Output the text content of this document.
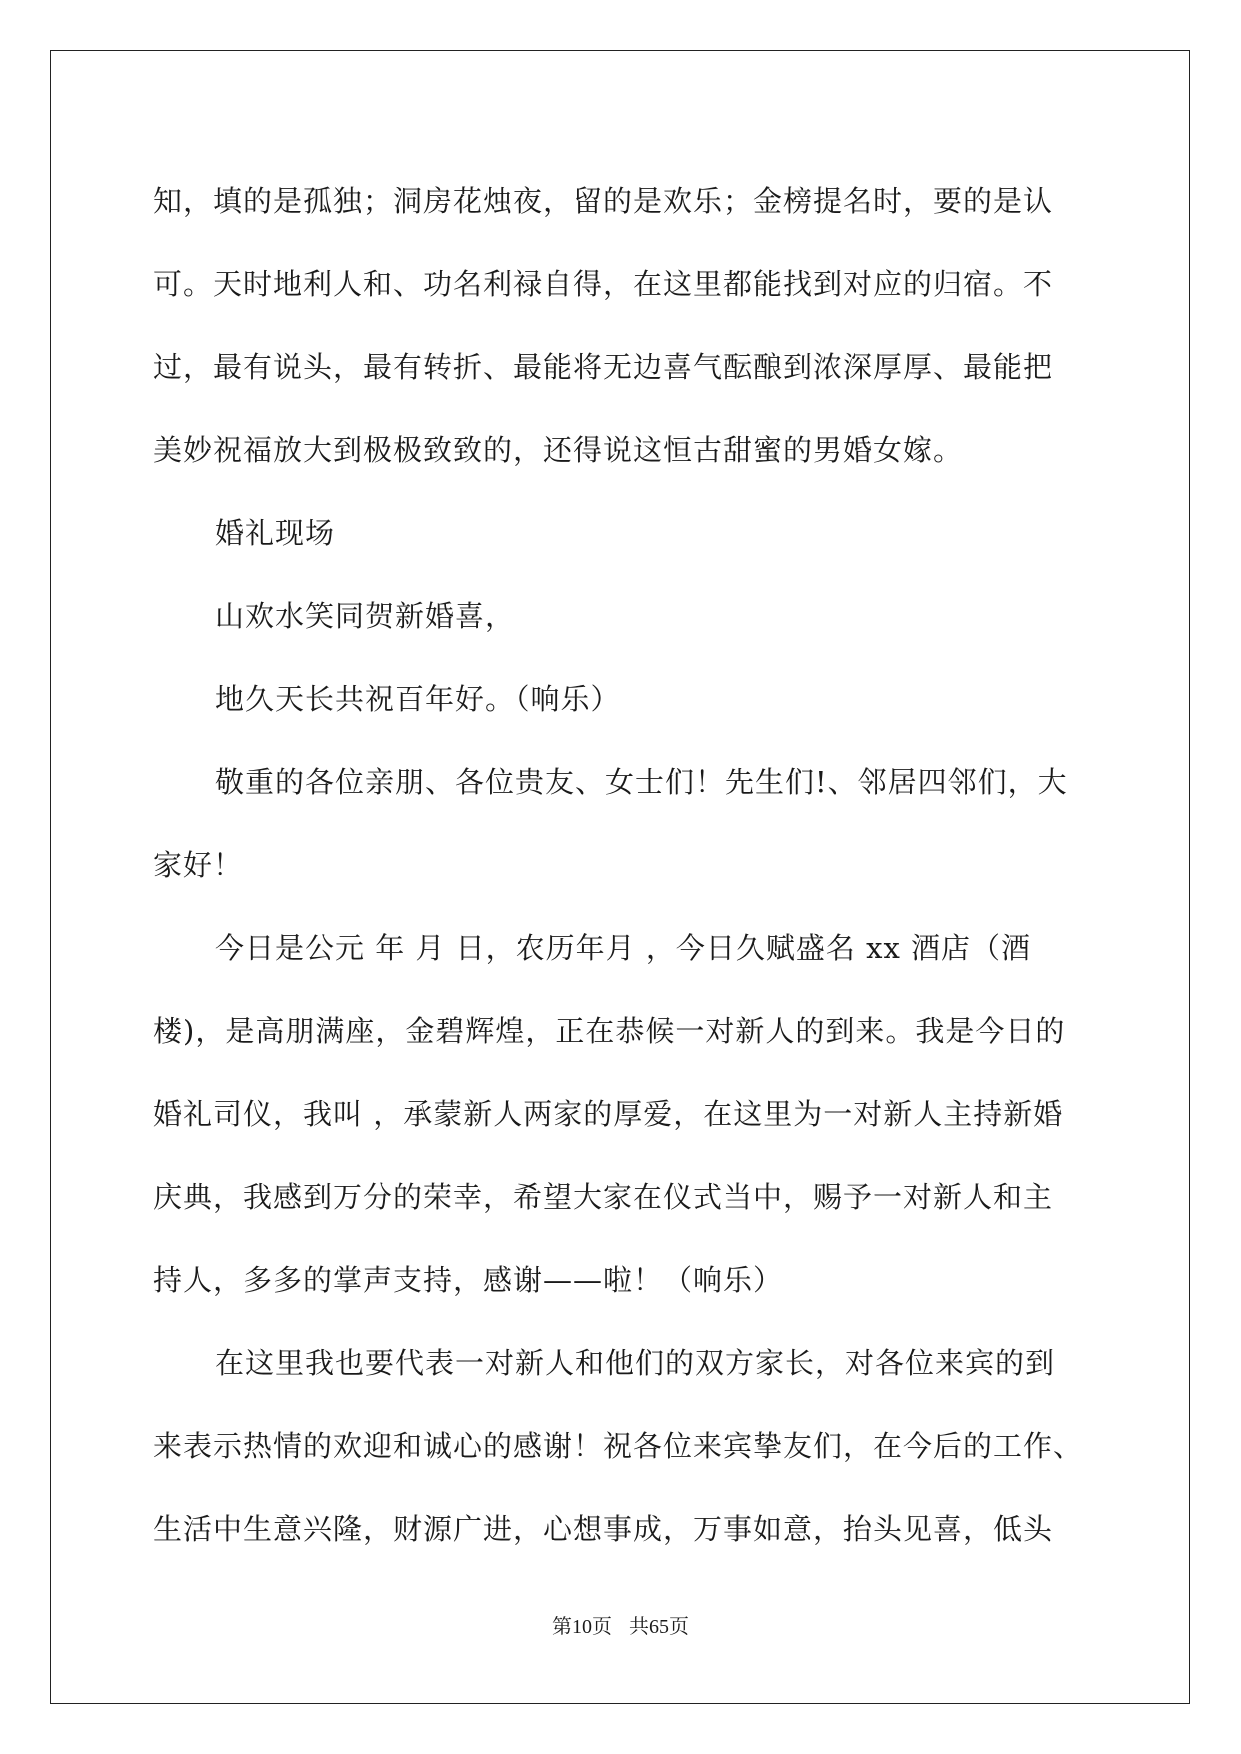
知，填的是孤独；洞房花烛夜，留的是欢乐；金榜提名时，要的是认
可。天时地利人和、功名利禄自得，在这里都能找到对应的归宿。不
过，最有说头，最有转折、最能将无边喜气酝酿到浓深厚厚、最能把
美妙祝福放大到极极致致的，还得说这恒古甜蜜的男婚女嫁。
婚礼现场
山欢水笑同贺新婚喜，
地久天长共祝百年好。（响乐）
敬重的各位亲朋、各位贵友、女士们！先生们!、邻居四邻们，大
家好！
今日是公元 年 月 日，农历年月 ，今日久赋盛名 xx 酒店（酒
楼)，是高朋满座，金碧辉煌，正在恭候一对新人的到来。我是今日的
婚礼司仪，我叫 ，承蒙新人两家的厚爱，在这里为一对新人主持新婚
庆典，我感到万分的荣幸，希望大家在仪式当中，赐予一对新人和主
持人，多多的掌声支持，感谢——啦！（响乐）
在这里我也要代表一对新人和他们的双方家长，对各位来宾的到
来表示热情的欢迎和诚心的感谢！祝各位来宾挚友们，在今后的工作、
生活中生意兴隆，财源广进，心想事成，万事如意，抬头见喜，低头
第10页 共65页
